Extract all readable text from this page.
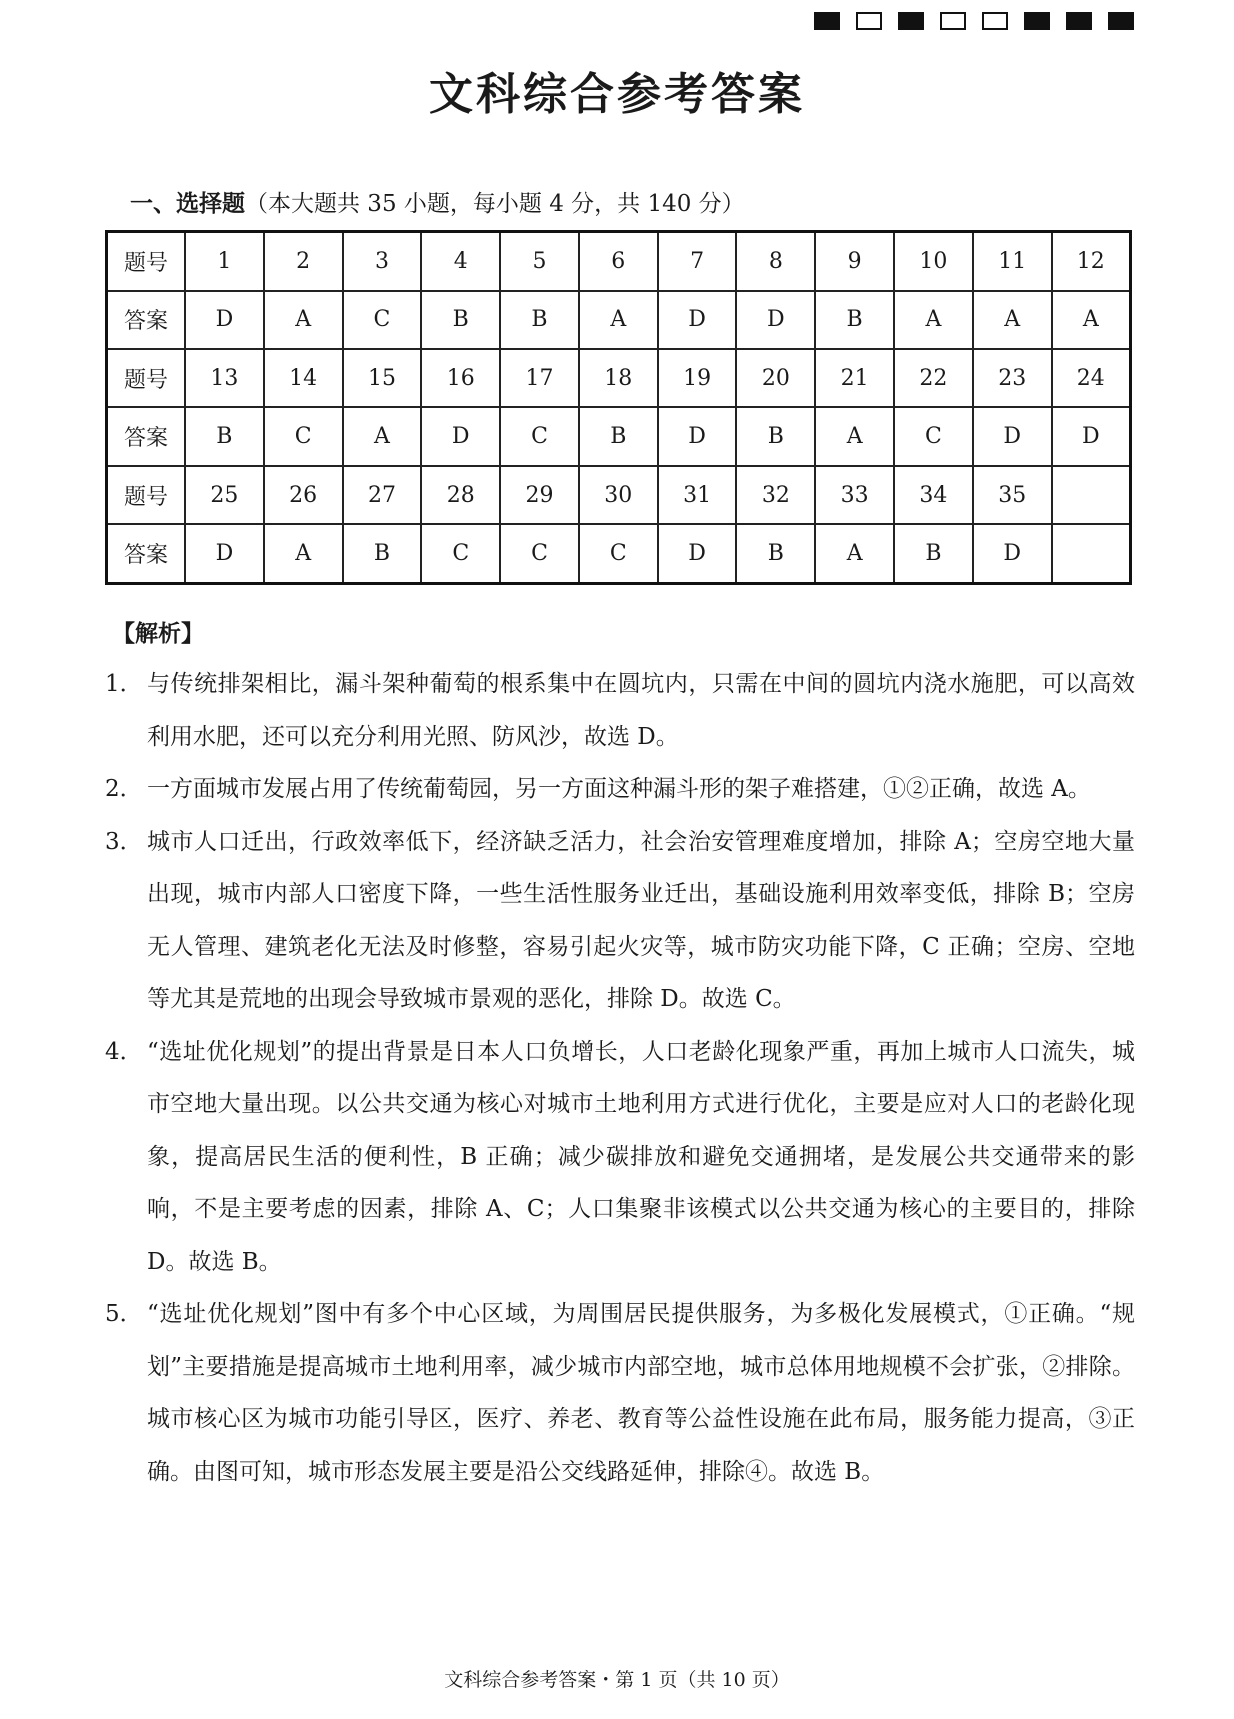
文科综合参考答案
一、选择题（本大题共 35 小题，每小题 4 分，共 140 分）
题号	1	2	3	4	5	6	7	8	9	10	11	12
答案	D	A	C	B	B	A	D	D	B	A	A	A
题号	13	14	15	16	17	18	19	20	21	22	23	24
答案	B	C	A	D	C	B	D	B	A	C	D	D
题号	25	26	27	28	29	30	31	32	33	34	35	
答案	D	A	B	C	C	C	D	B	A	B	D	
【解析】
1． 与传统排架相比，漏斗架种葡萄的根系集中在圆坑内，只需在中间的圆坑内浇水施肥，可以高效利用水肥，还可以充分利用光照、防风沙，故选 D。
2． 一方面城市发展占用了传统葡萄园，另一方面这种漏斗形的架子难搭建，①②正确，故选 A。
3． 城市人口迁出，行政效率低下，经济缺乏活力，社会治安管理难度增加，排除 A；空房空地大量出现，城市内部人口密度下降，一些生活性服务业迁出，基础设施利用效率变低，排除 B；空房无人管理、建筑老化无法及时修整，容易引起火灾等，城市防灾功能下降，C 正确；空房、空地等尤其是荒地的出现会导致城市景观的恶化，排除 D。故选 C。
4． “选址优化规划”的提出背景是日本人口负增长，人口老龄化现象严重，再加上城市人口流失，城市空地大量出现。以公共交通为核心对城市土地利用方式进行优化，主要是应对人口的老龄化现象，提高居民生活的便利性，B 正确；减少碳排放和避免交通拥堵，是发展公共交通带来的影响，不是主要考虑的因素，排除 A、C；人口集聚非该模式以公共交通为核心的主要目的，排除 D。故选 B。
5． “选址优化规划”图中有多个中心区域，为周围居民提供服务，为多极化发展模式，①正确。“规划”主要措施是提高城市土地利用率，减少城市内部空地，城市总体用地规模不会扩张，②排除。城市核心区为城市功能引导区，医疗、养老、教育等公益性设施在此布局，服务能力提高，③正确。由图可知，城市形态发展主要是沿公交线路延伸，排除④。故选 B。
文科综合参考答案・第 1 页（共 10 页）
